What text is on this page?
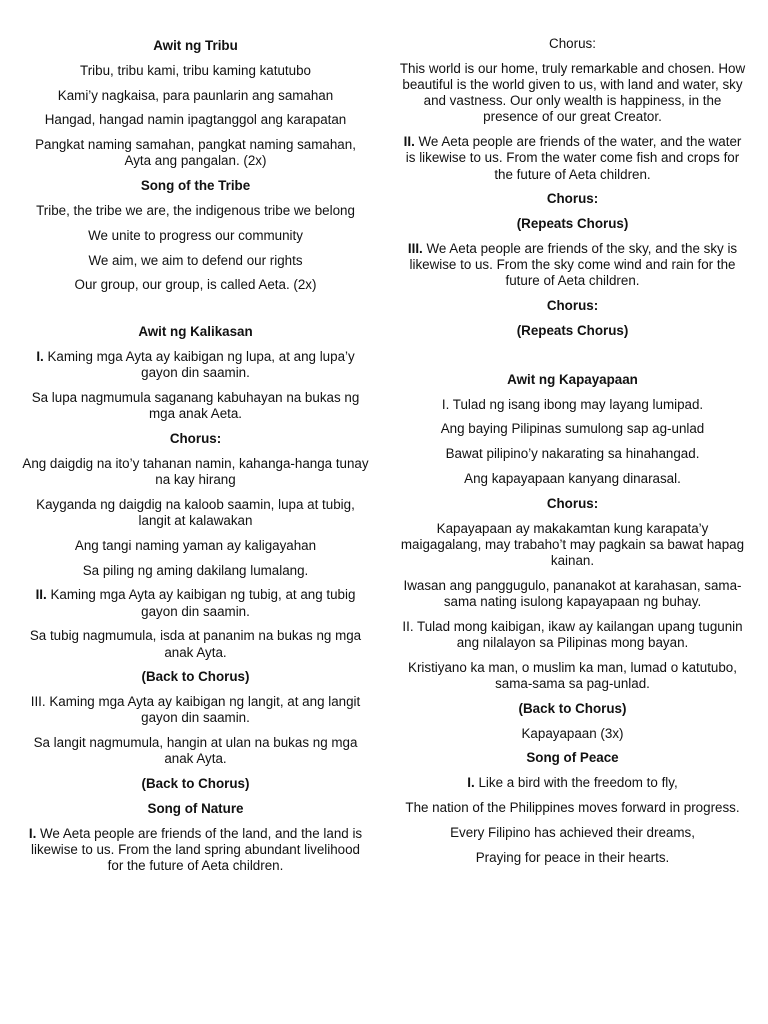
Awit ng Tribu

Tribu, tribu kami, tribu kaming katutubo

Kami’y nagkaisa, para paunlarin ang samahan

Hangad, hangad namin ipagtanggol ang karapatan

Pangkat naming samahan, pangkat naming samahan, Ayta ang pangalan. (2x)

Song of the Tribe

Tribe, the tribe we are, the indigenous tribe we belong

We unite to progress our community

We aim, we aim to defend our rights

Our group, our group, is called Aeta. (2x)

Awit ng Kalikasan

I. Kaming mga Ayta ay kaibigan ng lupa, at ang lupa’y gayon din saamin.

Sa lupa nagmumula saganang kabuhayan na bukas ng mga anak Aeta.

Chorus:

Ang daigdig na ito’y tahanan namin, kahanga-hanga tunay na kay hirang

Kayganda ng daigdig na kaloob saamin, lupa at tubig, langit at kalawakan

Ang tangi naming yaman ay kaligayahan

Sa piling ng aming dakilang lumalang.

II. Kaming mga Ayta ay kaibigan ng tubig, at ang tubig gayon din saamin.

Sa tubig nagmumula, isda at pananim na bukas ng mga anak Ayta.

(Back to Chorus)

III. Kaming mga Ayta ay kaibigan ng langit, at ang langit gayon din saamin.

Sa langit nagmumula, hangin at ulan na bukas ng mga anak Ayta.

(Back to Chorus)

Song of Nature

I. We Aeta people are friends of the land, and the land is likewise to us. From the land spring abundant livelihood for the future of Aeta children.

Chorus:

This world is our home, truly remarkable and chosen. How beautiful is the world given to us, with land and water, sky and vastness. Our only wealth is happiness, in the presence of our great Creator.

II. We Aeta people are friends of the water, and the water is likewise to us. From the water come fish and crops for the future of Aeta children.

Chorus:

(Repeats Chorus)

III. We Aeta people are friends of the sky, and the sky is likewise to us. From the sky come wind and rain for the future of Aeta children.

Chorus:

(Repeats Chorus)

Awit ng Kapayapaan

I. Tulad ng isang ibong may layang lumipad.

Ang baying Pilipinas sumulong sap ag-unlad

Bawat pilipino’y nakarating sa hinahangad.

Ang kapayapaan kanyang dinarasal.

Chorus:

Kapayapaan ay makakamtan kung karapata’y maigagalang, may trabaho’t may pagkain sa bawat hapag kainan.

Iwasan ang panggugulo, pananakot at karahasan, sama-sama nating isulong kapayapaan ng buhay.

II. Tulad mong kaibigan, ikaw ay kailangan upang tugunin ang nilalayon sa Pilipinas mong bayan.

Kristiyano ka man, o muslim ka man, lumad o katutubo, sama-sama sa pag-unlad.

(Back to Chorus)

Kapayapaan (3x)

Song of Peace

I. Like a bird with the freedom to fly,

The nation of the Philippines moves forward in progress.

Every Filipino has achieved their dreams,

Praying for peace in their hearts.
